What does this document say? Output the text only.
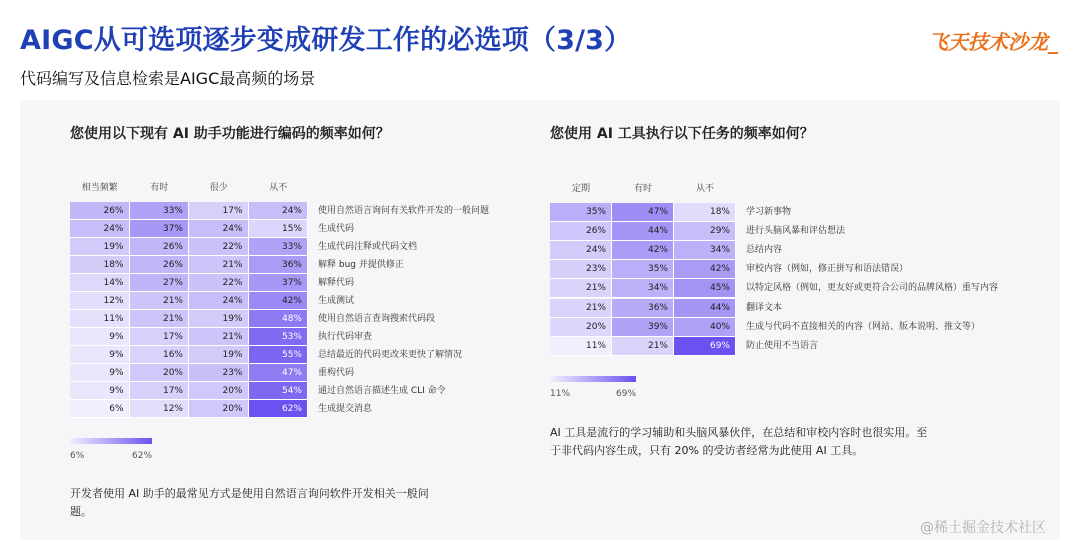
AIGC从可选项逐步变成研发工作的必选项（3/3）	飞天技术沙龙_
代码编写及信息检索是AIGC最高频的场景
您使用以下现有 AI 助手功能进行编码的频率如何？	您使用 AI 工具执行以下任务的频率如何？
相当频繁	有时	很少	从不
26%	33%	17%	24%	使用自然语言询问有关软件开发的一般问题
24%	37%	24%	15%	生成代码
19%	26%	22%	33%	生成代码注释或代码文档
18%	26%	21%	36%	解释 bug 并提供修正
14%	27%	22%	37%	解释代码
12%	21%	24%	42%	生成测试
11%	21%	19%	48%	使用自然语言查询搜索代码段
9%	17%	21%	53%	执行代码审查
9%	16%	19%	55%	总结最近的代码更改来更快了解情况
9%	20%	23%	47%	重构代码
9%	17%	20%	54%	通过自然语言描述生成 CLI 命令
6%	12%	20%	62%	生成提交消息
定期	有时	从不
35%	47%	18%	学习新事物
26%	44%	29%	进行头脑风暴和评估想法
24%	42%	34%	总结内容
23%	35%	42%	审校内容（例如，修正拼写和语法错误）
21%	34%	45%	以特定风格（例如，更友好或更符合公司的品牌风格）重写内容
21%	36%	44%	翻译文本
20%	39%	40%	生成与代码不直接相关的内容（网站、版本说明、推文等）
11%	21%	69%	防止使用不当语言
6%	62%
11%	69%
开发者使用 AI 助手的最常见方式是使用自然语言询问软件开发相关一般问题。
AI 工具是流行的学习辅助和头脑风暴伙伴，在总结和审校内容时也很实用。至于非代码内容生成，只有 20% 的受访者经常为此使用 AI 工具。
@稀土掘金技术社区
